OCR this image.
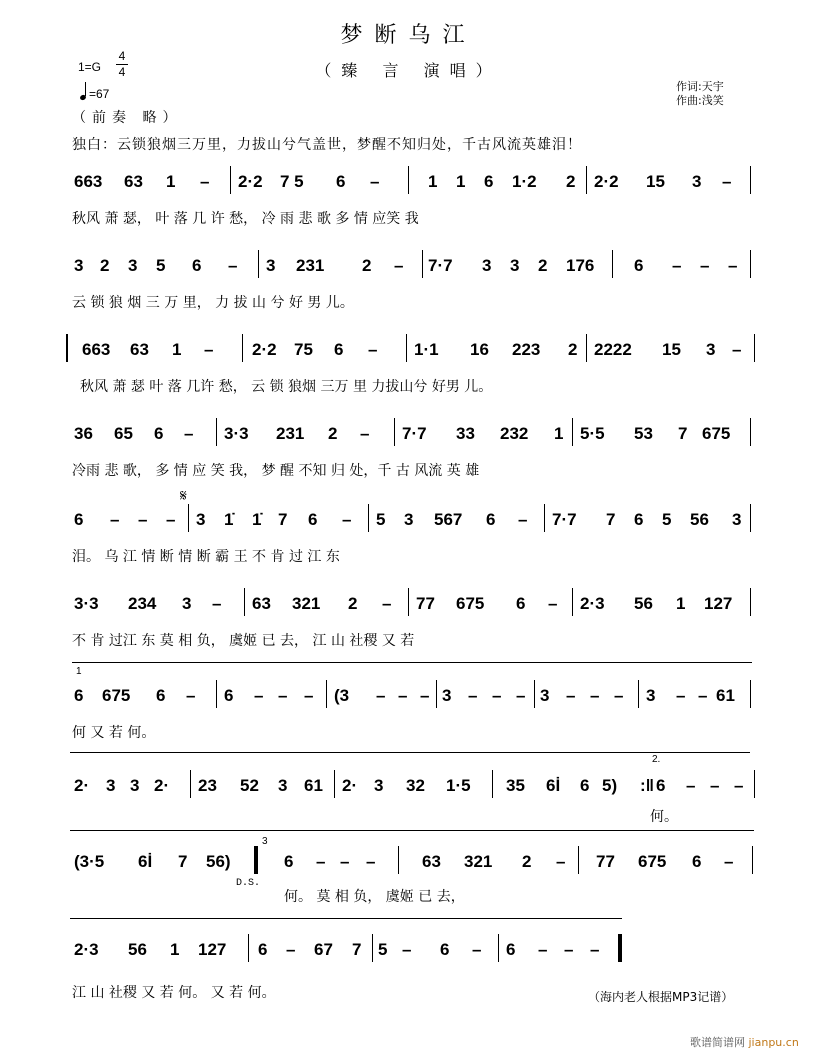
梦断乌江
（臻 言 演唱）
1=G
4
4
=67
作词:天宇
作曲:浅笑
（前奏 略）
独白：云锁狼烟三万里，力拔山兮气盖世，梦醒不知归处，千古风流英雄泪！
663 63 1 – 2·2 7 5 6 –	1 1 6 1·2 2 2·2 15 3 –
秋风 萧 瑟， 叶 落 几 许 愁， 冷 雨 悲 歌 多 情 应笑 我
3 2 3 5 6 – 3 231 2 – 7·7 3 3 2 176 6 – – –
云 锁 狼 烟 三 万 里， 力 拔 山 兮 好 男 儿。
663 63 1 – 2·2 75 6 – 1·1 16 223 2 2222 15 3 –
秋风 萧 瑟 叶 落 几许 愁， 云 锁 狼烟 三万 里 力拔山兮 好男 儿。
36 65 6 – 3·3 231 2 – 7·7 33 232 1 5·5 53 7 675
冷雨 悲 歌， 多 情 应 笑 我， 梦 醒 不知 归 处，千 古 风流 英 雄
𝄋
6 – – – 3 1̇ 1̇ 7 6 – 5 3 567 6 – 7·7 7 6 5 56 3
泪。 乌 江 情 断 情 断 霸 王 不 肯 过 江 东
3·3 234 3 – 63 321 2 – 77 675 6 – 2·3 56 1 127
不 肯 过江 东 莫 相 负， 虞姬 已 去， 江 山 社稷 又 若
1
6 675 6 – 6 – – – (3 – – – 3 – – – 3 – – – 3 – – 61
何 又 若 何。
2.
2· 3 3 2· 23 52 3 61 2· 3 32 1·5 35 6İ 6 5) :‖ 6 – – –
何。
3
D.S.
(3·5 6İ 7 56)	6 – – –	63 321 2 – 77 675 6 –
何。 莫 相 负， 虞姬 已 去，
2·3 56 1 127 6 – 67 7 5 – 6 – 6 – – –
江 山 社稷 又 若 何。 又 若 何。	（海内老人根据MP3记谱）
歌谱简谱网 jianpu.cn
